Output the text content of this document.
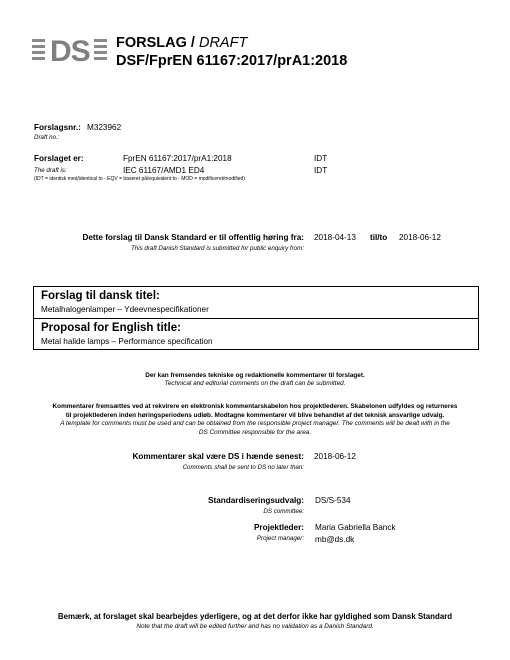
DS FORSLAG / DRAFT
DSF/FprEN 61167:2017/prA1:2018
Forslagsnr.:
Draft no.:
M323962
Forslaget er:
The draft is:
FprEN 61167:2017/prA1:2018	IDT
IEC 61167/AMD1 ED4	IDT
(IDT = identisk med/identical to - EQV = baseret på/equivalent to - MOD = modificeret/modified)
Dette forslag til Dansk Standard er til offentlig høring fra:
This draft Danish Standard is submitted for public enquiry from:
2018-04-13 til/to 2018-06-12
Forslag til dansk titel:
Metalhalogenlamper – Ydeevnespecifikationer
Proposal for English title:
Metal halide lamps – Performance specification
Der kan fremsendes tekniske og redaktionelle kommentarer til forslaget.
Technical and editorial comments on the draft can be submitted.
Kommentarer fremsættes ved at rekvirere en elektronisk kommentarskabelon hos projektlederen. Skabelonen udfyldes og returneres
til projektlederen inden høringsperiodens udløb. Modtagne kommentarer vil blive behandlet af det teknisk ansvarlige udvalg.
A template for comments must be used and can be obtained from the responsible project manager. The comments will be dealt with in the
DS Committee responsible for the area.
Kommentarer skal være DS i hænde senest:
Comments shall be sent to DS no later than:
2018-06-12
Standardiseringsudvalg:
DS committee:
DS/S-534
Projektleder:
Project manager:
Maria Gabriella Banck
mb@ds.dk
Bemærk, at forslaget skal bearbejdes yderligere, og at det derfor ikke har gyldighed som Dansk Standard
Note that the draft will be edited further and has no validation as a Danish Standard.
